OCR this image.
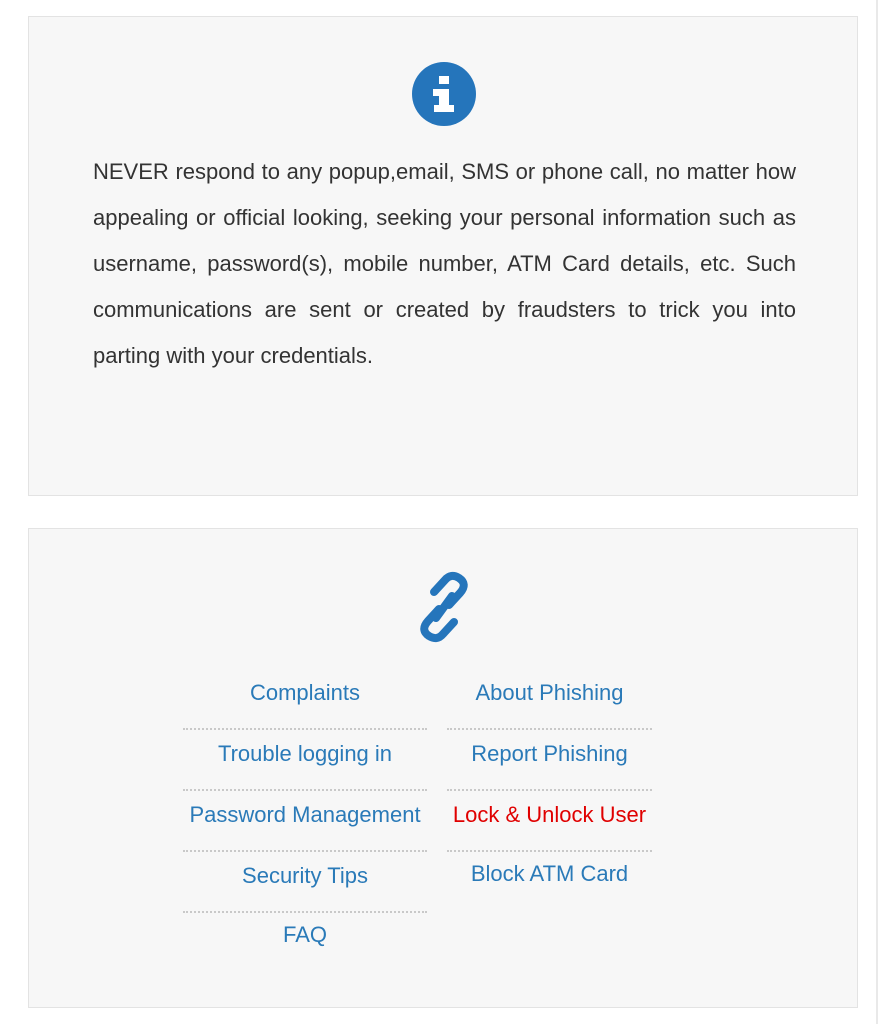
NEVER respond to any popup,email, SMS or phone call, no matter how appealing or official looking, seeking your personal information such as username, password(s), mobile number, ATM Card details, etc. Such communications are sent or created by fraudsters to trick you into parting with your credentials.

Complaints
Trouble logging in
Password Management
Security Tips
FAQ
About Phishing
Report Phishing
Lock & Unlock User
Block ATM Card
